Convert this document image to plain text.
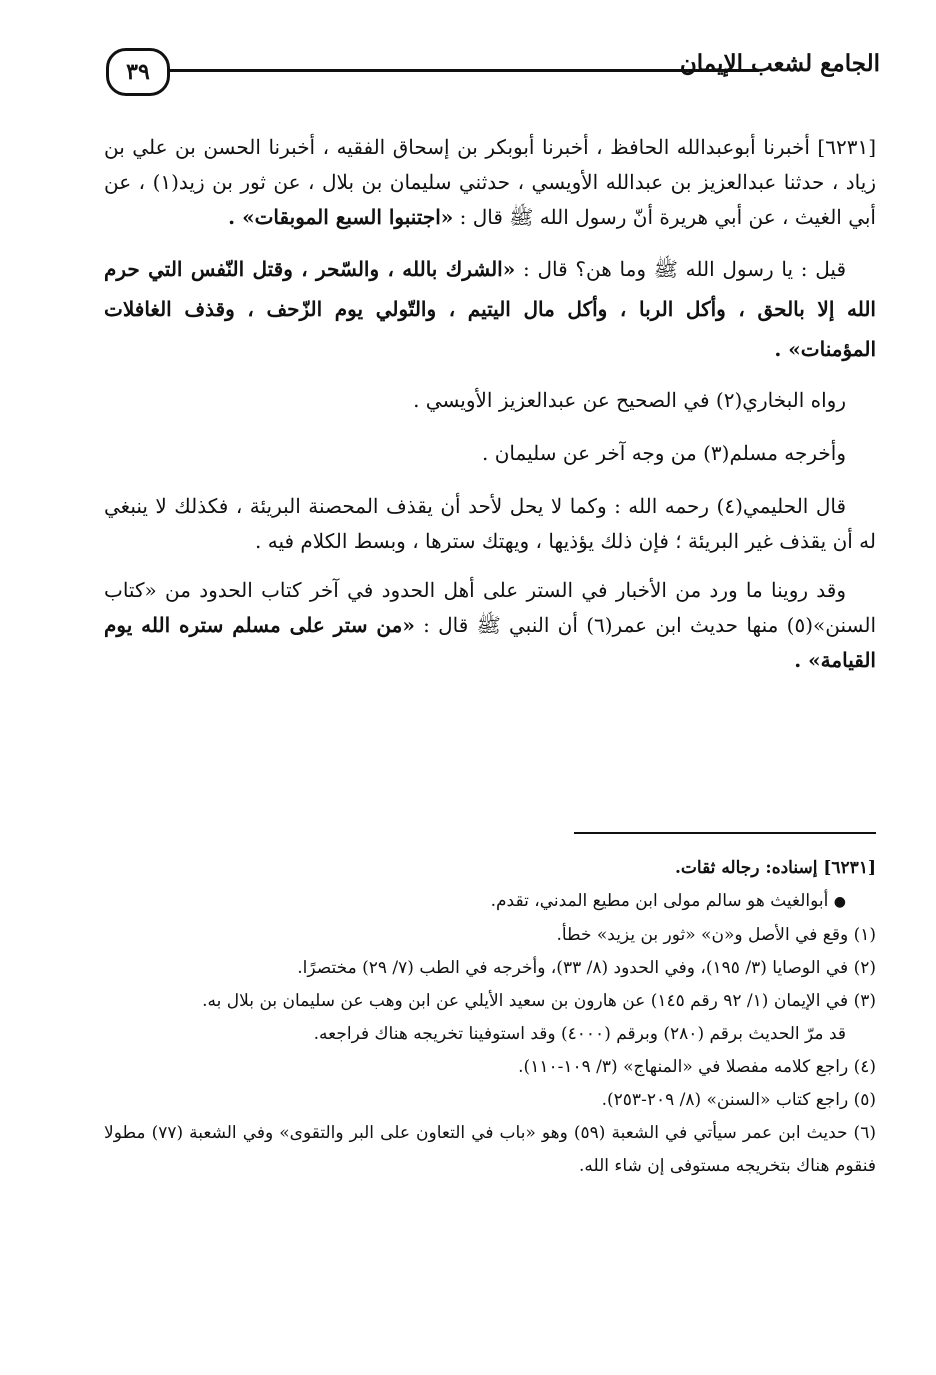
٣٩	الجامع لشعب الإيمان

[٦٢٣١] أخبرنا أبوعبدالله الحافظ ، أخبرنا أبوبكر بن إسحاق الفقيه ، أخبرنا الحسن بن علي بن زياد ، حدثنا عبدالعزيز بن عبدالله الأويسي ، حدثني سليمان بن بلال ، عن ثور بن زيد(١) ، عن أبي الغيث ، عن أبي هريرة أنّ رسول الله ﷺ قال : «اجتنبوا السبع الموبقات» .

قيل : يا رسول الله ﷺ وما هن؟ قال : «الشرك بالله ، والسّحر ، وقتل النّفس التي حرم الله إلا بالحق ، وأكل الربا ، وأكل مال اليتيم ، والتّولي يوم الزّحف ، وقذف الغافلات المؤمنات» .

رواه البخاري(٢) في الصحيح عن عبدالعزيز الأويسي .

وأخرجه مسلم(٣) من وجه آخر عن سليمان .

قال الحليمي(٤) رحمه الله : وكما لا يحل لأحد أن يقذف المحصنة البريئة ، فكذلك لا ينبغي له أن يقذف غير البريئة ؛ فإن ذلك يؤذيها ، ويهتك سترها ، وبسط الكلام فيه .

وقد روينا ما ورد من الأخبار في الستر على أهل الحدود في آخر كتاب الحدود من «كتاب السنن»(٥) منها حديث ابن عمر(٦) أن النبي ﷺ قال : «من ستر على مسلم ستره الله يوم القيامة» .

[٦٢٣١] إسناده: رجاله ثقات.

● أبوالغيث هو سالم مولى ابن مطيع المدني، تقدم.

(١) وقع في الأصل و«ن» «ثور بن يزيد» خطأ.

(٢) في الوصايا (٣/ ١٩٥)، وفي الحدود (٨/ ٣٣)، وأخرجه في الطب (٧/ ٢٩) مختصرًا.

(٣) في الإيمان (١/ ٩٢ رقم ١٤٥) عن هارون بن سعيد الأيلي عن ابن وهب عن سليمان بن بلال به.

قد مرّ الحديث برقم (٢٨٠) وبرقم (٤٠٠٠) وقد استوفينا تخريجه هناك فراجعه.

(٤) راجع كلامه مفصلا في «المنهاج» (٣/ ١٠٩-١١٠).

(٥) راجع كتاب «السنن» (٨/ ٢٠٩-٢٥٣).

(٦) حديث ابن عمر سيأتي في الشعبة (٥٩) وهو «باب في التعاون على البر والتقوى» وفي الشعبة (٧٧) مطولا فنقوم هناك بتخريجه مستوفى إن شاء الله.
